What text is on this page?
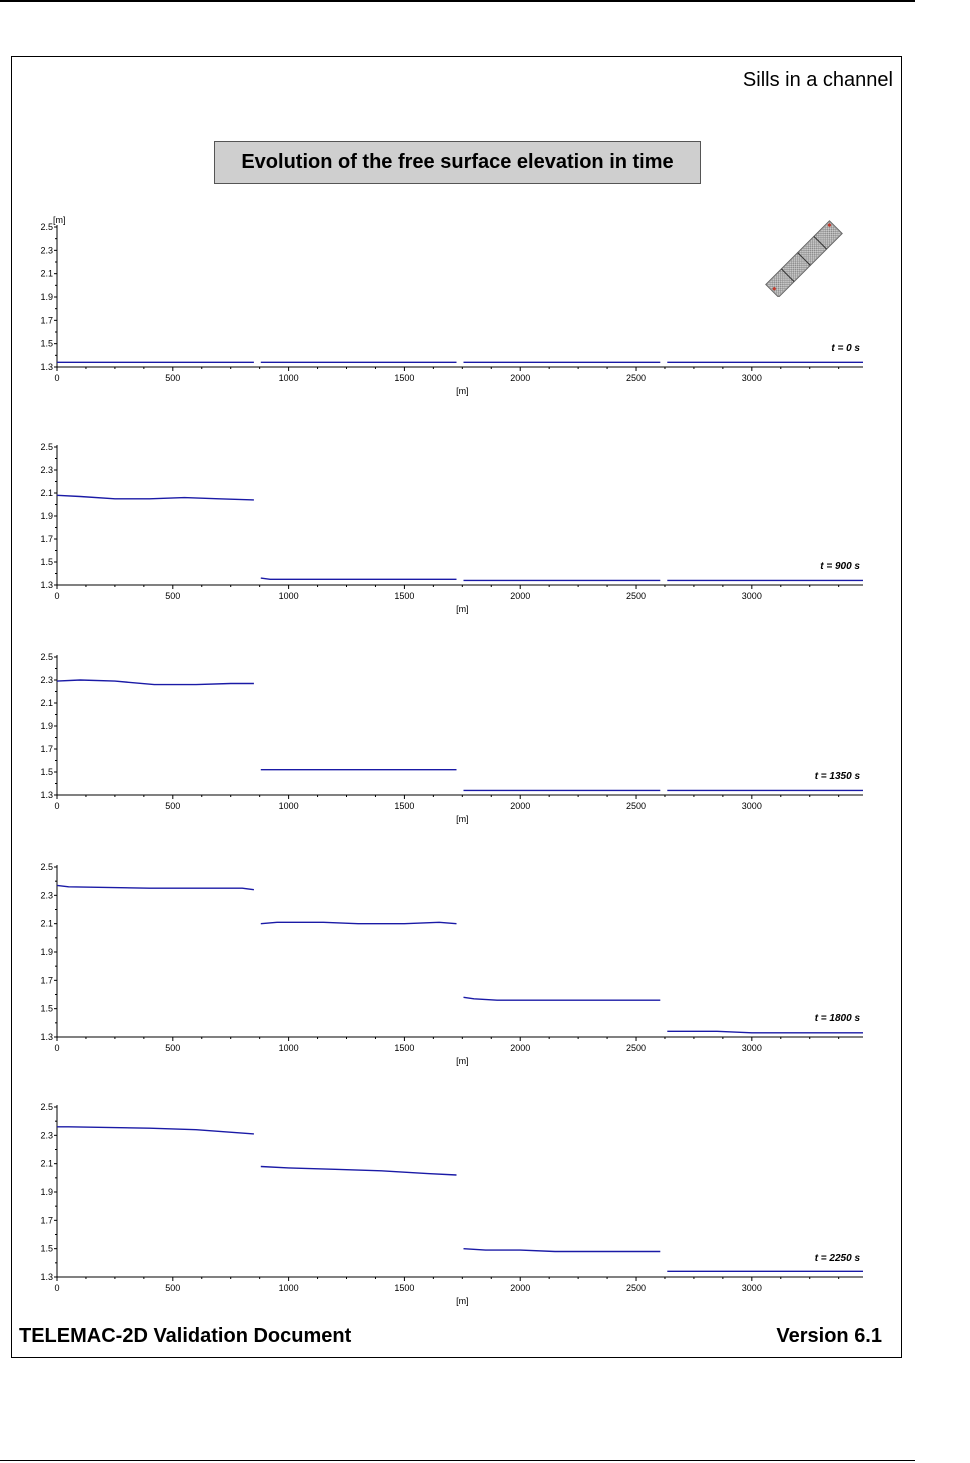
Sills in a channel
Evolution of the free surface elevation in time
1.3
1.5
1.7
1.9
2.1
2.3
2.5
0	500	1000	1500	2000	2500	3000
[m]
[m]
t = 0 s
1.3
1.5
1.7
1.9
2.1
2.3
2.5
0	500	1000	1500	2000	2500	3000
[m]
t = 900 s
1.3
1.5
1.7
1.9
2.1
2.3
2.5
0	500	1000	1500	2000	2500	3000
[m]
t = 1350 s
1.3
1.5
1.7
1.9
2.1
2.3
2.5
0	500	1000	1500	2000	2500	3000
[m]
t = 1800 s
1.3
1.5
1.7
1.9
2.1
2.3
2.5
0	500	1000	1500	2000	2500	3000
[m]
t = 2250 s
TELEMAC-2D Validation Document	Version 6.1
